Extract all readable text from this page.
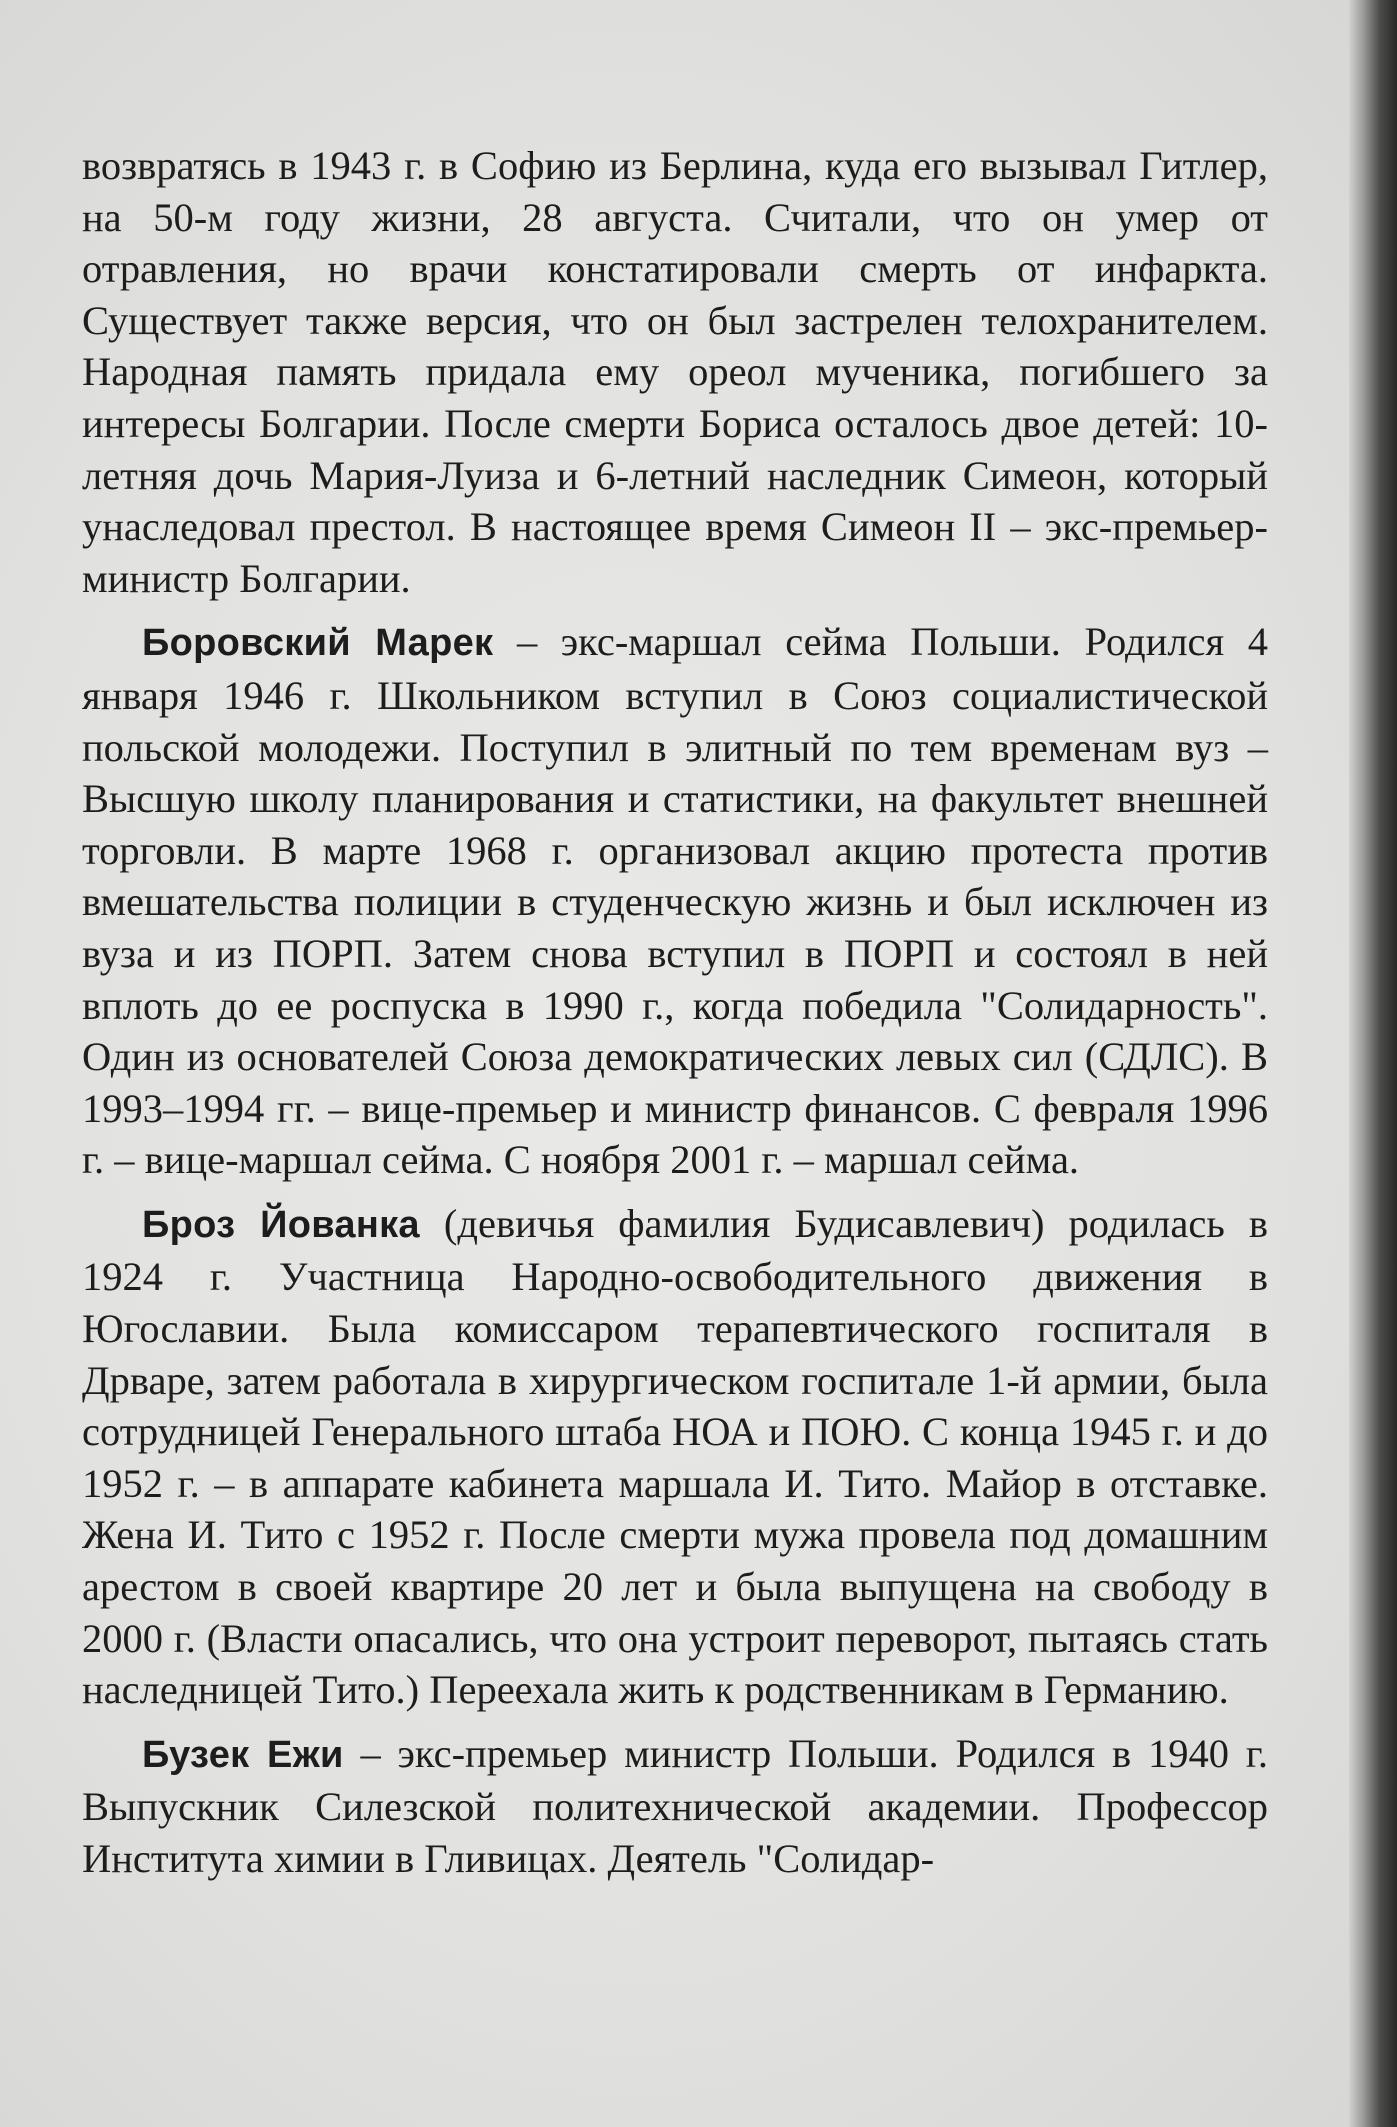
возвратясь в 1943 г. в Софию из Берлина, куда его вызывал Гитлер, на 50-м году жизни, 28 августа. Считали, что он умер от отравления, но врачи констатировали смерть от инфаркта. Существует также версия, что он был застрелен телохранителем. Народная память придала ему ореол мученика, погибшего за интересы Болгарии. После смерти Бориса осталось двое детей: 10-летняя дочь Мария-Луиза и 6-летний наследник Симеон, который унаследовал престол. В настоящее время Симеон II – экс-премьер-министр Болгарии.

Боровский Марек – экс-маршал сейма Польши. Родился 4 января 1946 г. Школьником вступил в Союз социалистической польской молодежи. Поступил в элитный по тем временам вуз – Высшую школу планирования и статистики, на факультет внешней торговли. В марте 1968 г. организовал акцию протеста против вмешательства полиции в студенческую жизнь и был исключен из вуза и из ПОРП. Затем снова вступил в ПОРП и состоял в ней вплоть до ее роспуска в 1990 г., когда победила "Солидарность". Один из основателей Союза демократических левых сил (СДЛС). В 1993–1994 гг. – вице-премьер и министр финансов. С февраля 1996 г. – вице-маршал сейма. С ноября 2001 г. – маршал сейма.

Броз Йованка (девичья фамилия Будисавлевич) родилась в 1924 г. Участница Народно-освободительного движения в Югославии. Была комиссаром терапевтического госпиталя в Дрваре, затем работала в хирургическом госпитале 1-й армии, была сотрудницей Генерального штаба НОА и ПОЮ. С конца 1945 г. и до 1952 г. – в аппарате кабинета маршала И. Тито. Майор в отставке. Жена И. Тито с 1952 г. После смерти мужа провела под домашним арестом в своей квартире 20 лет и была выпущена на свободу в 2000 г. (Власти опасались, что она устроит переворот, пытаясь стать наследницей Тито.) Переехала жить к родственникам в Германию.

Бузек Ежи – экс-премьер министр Польши. Родился в 1940 г. Выпускник Силезской политехнической академии. Профессор Института химии в Гливицах. Деятель "Солидар-
